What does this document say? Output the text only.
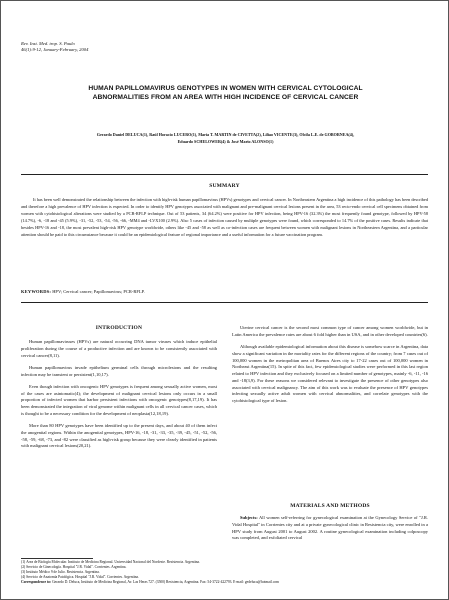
Rev. Inst. Med. trop. S. Paulo
46(1):9-12, January-February, 2004
HUMAN PAPILLOMAVIRUS GENOTYPES IN WOMEN WITH CERVICAL CYTOLOGICAL
ABNORMALITIES FROM AN AREA WITH HIGH INCIDENCE OF CERVICAL CANCER
Gerardo Daniel DELUCA(1), Raúl Horacio LUCERO(1), María T. MARTIN de CIVETTA(2), Liliao VICENTE(3), Olcila L.E. de GOBORNEA(4),
Eduardo SCHELOWER(4) & José Mario ALONSO(1)
SUMMARY
It has been well demonstrated the relationship between the infection with high-risk human papillomavirus (HPVs) genotypes and cervical cancer. In Northeastern Argentina a high incidence of this pathology has been described and therefore a high prevalence of HPV infection is expected. In order to identify HPV genotypes associated with malignant and pre-malignant cervical lesions present in the area, 53 recto-endo cervical cell specimens obtained from women with cytohistological alterations were studied by a PCR-RFLP technique. Out of 53 patients, 34 (64.2%) were positive for HPV infection, being HPV-16 (32.3%) the most frequently found genotype, followed by HPV-58 (14.7%), -6, -18 and -45 (5.9%), -31, -52, -53, -54, -56, -66, -MM4 and -LVX100 (2.9%). Also 5 cases of infection caused by multiple genotypes were found, which corresponded to 14.7% of the positive cases. Results indicate that besides HPV-16 and -18, the most prevalent high-risk HPV genotype worldwide, others like -45 and -58 as well as co-infection cases are frequent between women with malignant lesions in Northeastern Argentina, and a particular attention should be paid to this circumstance because it could be an epidemiological feature of regional importance and a useful information for a future vaccination program.
KEYWORDS: HPV; Cervical cancer; Papillomavirus; PCR-RFLP.
INTRODUCTION

Human papillomaviruses (HPVs) are natural occurring DNA tumor viruses which induce epithelial proliferation during the course of a productive infection and are known to be consistently associated with cervical cancer(8,11).

Human papillomavirus invade epithelium germinal cells through microlesions and the resulting infection may be transient or persistent(1,10,17).

Even though infection with oncogenic HPV genotypes is frequent among sexually active women, most of the cases are asintomatic(4); the development of malignant cervical lesions only occurs in a small proportion of infected women that harbor persistent infections with oncogenic genotypes(8,17,19). It has been demonstrated the integration of viral genome within malignant cells in all cervical cancer cases, which is thought to be a necessary condition for the development of neoplasia(12,18,19).

More than 80 HPV genotypes have been identified up to the present days, and about 40 of them infect the anogenital regions. Within the anogenital genotypes, HPV-16, -18, -31, -33, -35, -39, -45, -51, -52, -56, -58, -59, -68, -73, and -82 were classified as high-risk group because they were clearly identified in patients with malignant cervical lesions(20,21).

Uterine cervical cancer is the second most common type of cancer among women worldwide, but in Latin America the prevalence rates are about 6 fold higher than in USA, and in other developed countries(6).

Although available epidemiological information about this disease is somehow scarce in Argentina, data show a significant variation in the mortality rates for the different regions of the country; from 7 cases out of 100,000 women in the metropolitan area of Buenos Aires city to 17-22 cases out of 100,000 women in Northeast Argentina(15). In spite of this fact, few epidemiological studies were performed in this last region related to HPV infection and they exclusively focused on a limited number of genotypes, mainly -6, -11, -16 and -18(3,9). For these reasons we considered relevant to investigate the presence of other genotypes also associated with cervical malignancy. The aim of this work was to evaluate the presence of HPV genotypes infecting sexually active adult women with cervical abnormalities, and correlate genotypes with the cytohistological type of lesion.

MATERIALS AND METHODS

Subjects: All women self-referring for gynecological examination at the Gynecology Service of "J.R. Vidal Hospital" in Corrientes city and at a private gynecological clinic in Resistencia city, were enrolled in a HPV study from August 2001 to August 2002. A routine gynecological examination including colposcopy was completed, and exfoliated cervical

(1) Área de Biología Molecular. Instituto de Medicina Regional. Universidad Nacional del Nordeste. Resistencia. Argentina.
(2) Servicio de Ginecología. Hospital "J.R. Vidal". Corrientes. Argentina.
(3) Instituto Médico 9 de Julio. Resistencia. Argentina.
(4) Servicio de Anatomía Patológica. Hospital "J.R. Vidal". Corrientes. Argentina.
Correspondence to: Gerardo D. Deluca, Instituto de Medicina Regional, Av. Las Heras 727. (3500) Resistencia, Argentina. Fax: 54-3722-422793. E-mail: gedeluca@hotmail.com
